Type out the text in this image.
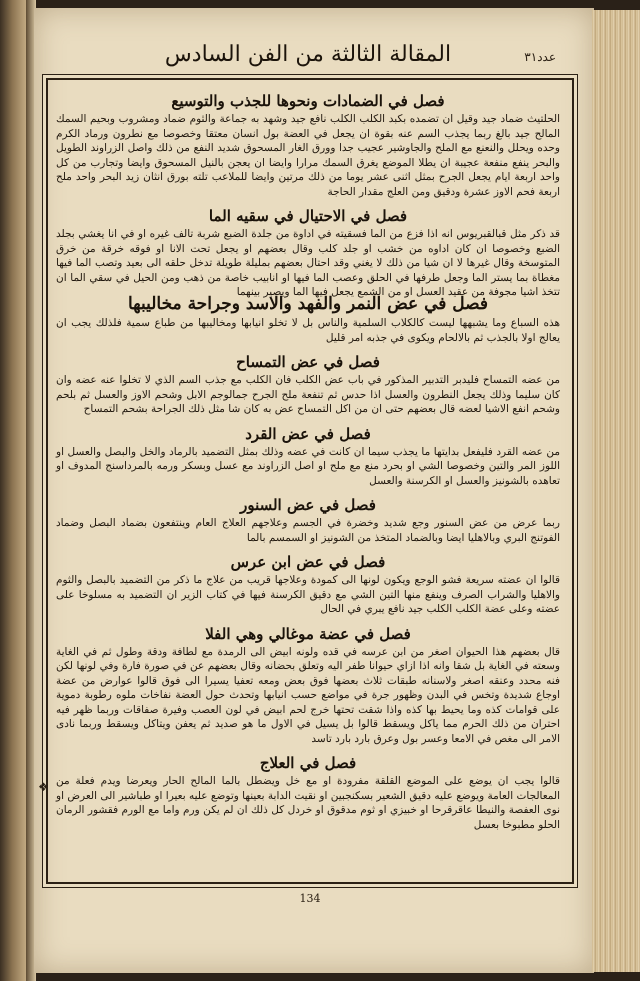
عدد۳۱
المقالة الثالثة من الفن السادس
❖
فصل في الضمادات ونحوها للجذب والتوسيع
الحلتيث ضماد جيد وقيل ان تضمده بكبد الكلب الكلب نافع جيد وشهد به جماعة والثوم ضماد ومشروب وبحيم السمك المالح جيد بالغ ربما يجذب السم عنه بقوة ان يجعل في العضة بول انسان معتقا وخصوصا مع نطرون ورماد الكرم وحده ويحلل والنعنع مع الملح والجاوشير عجيب جدا وورق الغار المسحوق شديد النفع من ذلك واصل الزراوند الطويل والبحر ينفع منفعة عجيبة ان يطلا الموضع يغرق السمك مرارا وايضا ان يعجن بالنيل المسحوق وايضا وتجارب من كل واحد اربعة ايام يجعل الجرح بمثل اثنى عشر يوما من ذلك مرتين وايضا للملاعب تلته بورق انثان زيد البحر واحد ملح اربعة فحم الاوز عشرة ودقيق ومن العلج مقدار الحاجة
فصل في الاحتيال في سقيه الما
قد ذكر مثل قبالقبريوس انه اذا فزع من الما فسقيته في اداوة من جلدة الضبع شربة تالف غيره او في انا يغشي بجلد الضبع وخصوصا ان كان اداوه من خشب او جلد كلب وقال بعضهم او يجعل تحت الانا او فوقه خرقة من خرق المتوسخة وقال غيرها لا ان شيا من ذلك لا يغني وقد احتال بعضهم بمليلة طويلة تدخل حلقه الى بعيد وتصب الما فيها مغطاة بما يستر الما وجعل طرفها في الحلق وعصب الما فيها او انابيب خاصة من ذهب ومن الحيل في سقي الما ان تتخذ اشيا مجوفة من عقيد العسل او من الشمع يجعل فيها الما ويصير بينهما
فصل في عض النمر والفهد والاسد وجراحة مخاليبها
هذه السباع وما يشبهها ليست كالكلاب السلمية والناس بل لا تخلو انيابها ومخاليبها من طباع سمية فلذلك يجب ان يعالج اولا بالجذب ثم بالالحام ويكوى في جذبه امر قليل
فصل في عض التمساح
من عضه التمساح فليدبر التدبير المذكور في باب عض الكلب فان الكلب مع جذب السم الذي لا تخلوا عنه عضه وان كان سليما وذلك يجعل النطرون والعسل اذا حدس ثم تنفعة ملح الجرح جمالوجم الابل وشحم الاوز والعسل ثم بلحم وشحم انفع الاشيا لعضه قال بعضهم حتى ان من اكل التمساح عض به كان شا مثل ذلك الجراحة بشحم التمساح
فصل في عض القرد
من عضه القرد فليفعل بدايتها ما يجذب سيما ان كانت في عضه وذلك بمثل التضميد بالرماد والخل والبصل والعسل او اللوز المر والتين وخصوصا الشي او بحرد منع مع ملح او اصل الزراوند مع عسل وبسكر ورمه بالمرداسنج المدوف او تعاهده بالشونيز والعسل او الكرسنة والعسل
فصل في عض السنور
ربما عرض من عض السنور وجع شديد وخضرة في الجسم وعلاجهم العلاج العام وينتفعون بضماد البصل وضماد الفوتنج البري وبالاهليا ايضا وبالضماد المتخذ من الشونيز او السمسم بالما
فصل في عض ابن عرس
قالوا ان عضته سريعة فشو الوجع ويكون لونها الى كمودة وعلاجها قريب من علاج ما ذكر من التضميد بالبصل والثوم والاهليا والشراب الصرف وينفع منها التين الشي مع دقيق الكرسنة فيها في كتاب الزير ان التضميد به مسلوخا على عضته وعلى عضة الكلب الكلب جيد نافع يبري في الحال
فصل في عضة موغالي وهي الفلا
قال بعضهم هذا الحيوان اصغر من ابن عرسه في قده ولونه ابيض الى الرمدة مع لطافة ودقة وطول ثم في الغاية وسعته في الغاية بل شقا وانه اذا ازاي حيوانا طفر اليه وتعلق بحضانه وقال بعضهم عن في صورة فارة وفي لونها لكن فنه محدد وعنقه اصغر ولاسنانه طبقات ثلاث بعضها فوق بعض ومعه تعفيا يسيرا الى فوق قالوا عوارض من عضة اوجاع شديدة وتخس في البدن وظهور جرة في مواضع حسب انيابها وتحدث حول العضة نفاخات ملوه رطوبة دموية على قوامات كذه وما يحيط بها كذه واذا شقت تحتها خرج لحم ابيض في لون العصب وفيرة صفاقات وربما ظهر فيه احتران من ذلك الحرم مما ياكل ويسقط قالوا بل يسيل في الاول ما هو صديد ثم يعفن ويتاكل ويسقط وربما نادى الامر الى مغص في الامعا وعسر بول وعرق بارد بارد تاسد
فصل في العلاج
قالوا يجب ان يوضع على الموضع القلقة مفرودة او مع خل ويضطل بالما المالح الحار ويعرضا ويدم فعلة من المعالجات العامة ويوضع عليه دقيق الشعير بسكنجبين او نقيت الدابة بعينها وتوضع عليه بعيرا او طباشير الى العرض او نوى العفصة والنيطا عاقرقرحا او خبيزي او ثوم مدقوق او خردل كل ذلك ان لم يكن ورم واما مع الورم فقشور الرمان الحلو مطبوخا بعسل
134
